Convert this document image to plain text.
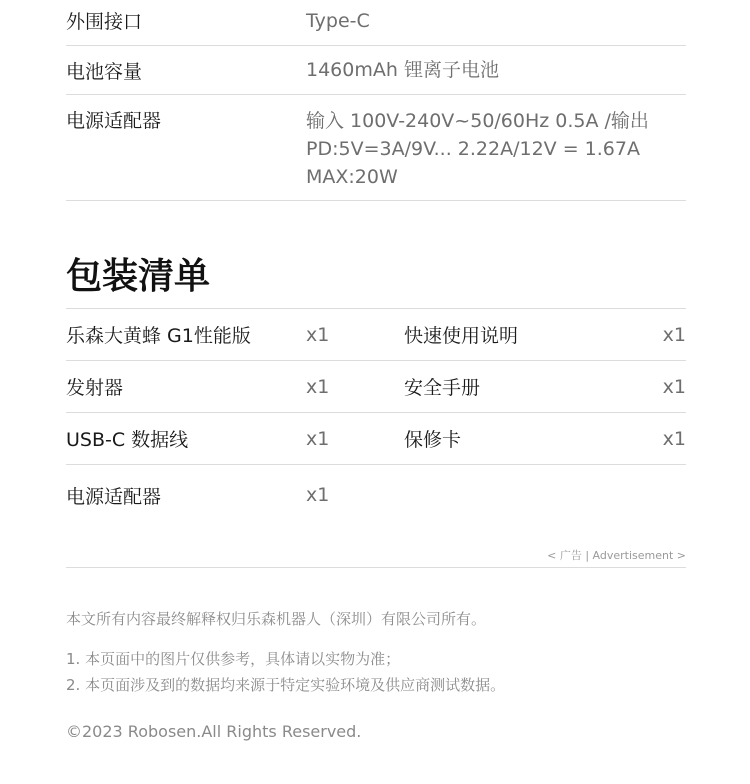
外围接口	Type-C
电池容量	1460mAh 锂离子电池
电源适配器	输入 100V-240V~50/60Hz 0.5A /输出
PD:5V=3A/9V... 2.22A/12V = 1.67A
MAX:20W
包装清单
乐森大黄蜂 G1性能版	x1	快速使用说明	x1
发射器	x1	安全手册	x1
USB-C 数据线	x1	保修卡	x1
电源适配器	x1
< 广告 | Advertisement >
本文所有内容最终解释权归乐森机器人（深圳）有限公司所有。
1. 本页面中的图片仅供参考，具体请以实物为准；
2. 本页面涉及到的数据均来源于特定实验环境及供应商测试数据。
©2023 Robosen.All Rights Reserved.
